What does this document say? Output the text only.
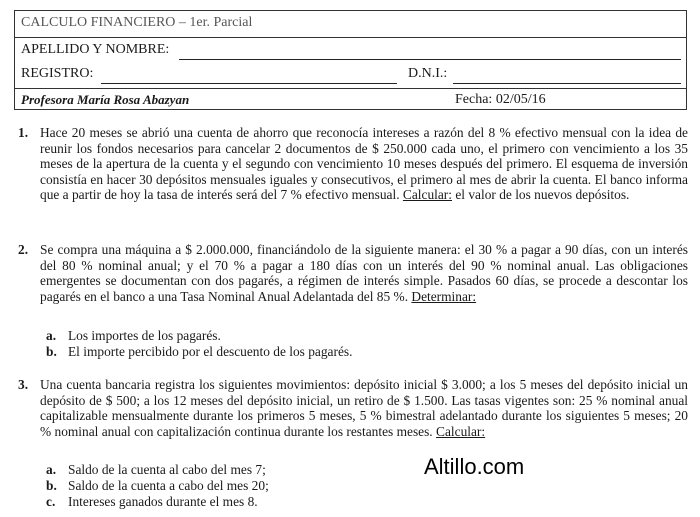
CALCULO FINANCIERO – 1er. Parcial
APELLIDO Y NOMBRE:
REGISTRO:	D.N.I.:
Profesora María Rosa Abazyan	Fecha: 02/05/16
1. Hace 20 meses se abrió una cuenta de ahorro que reconocía intereses a razón del 8 % efectivo mensual con la idea de reunir los fondos necesarios para cancelar 2 documentos de $ 250.000 cada uno, el primero con vencimiento a los 35 meses de la apertura de la cuenta y el segundo con vencimiento 10 meses después del primero. El esquema de inversión consistía en hacer 30 depósitos mensuales iguales y consecutivos, el primero al mes de abrir la cuenta. El banco informa que a partir de hoy la tasa de interés será del 7 % efectivo mensual. Calcular: el valor de los nuevos depósitos.
2. Se compra una máquina a $ 2.000.000, financiándolo de la siguiente manera: el 30 % a pagar a 90 días, con un interés del 80 % nominal anual; y el 70 % a pagar a 180 días con un interés del 90 % nominal anual. Las obligaciones emergentes se documentan con dos pagarés, a régimen de interés simple. Pasados 60 días, se procede a descontar los pagarés en el banco a una Tasa Nominal Anual Adelantada del 85 %. Determinar:
a. Los importes de los pagarés.
b. El importe percibido por el descuento de los pagarés.
3. Una cuenta bancaria registra los siguientes movimientos: depósito inicial $ 3.000; a los 5 meses del depósito inicial un depósito de $ 500; a los 12 meses del depósito inicial, un retiro de $ 1.500. Las tasas vigentes son: 25 % nominal anual capitalizable mensualmente durante los primeros 5 meses, 5 % bimestral adelantado durante los siguientes 5 meses; 20 % nominal anual con capitalización continua durante los restantes meses. Calcular:
a. Saldo de la cuenta al cabo del mes 7;
b. Saldo de la cuenta a cabo del mes 20;
c. Intereses ganados durante el mes 8.
Altillo.com
